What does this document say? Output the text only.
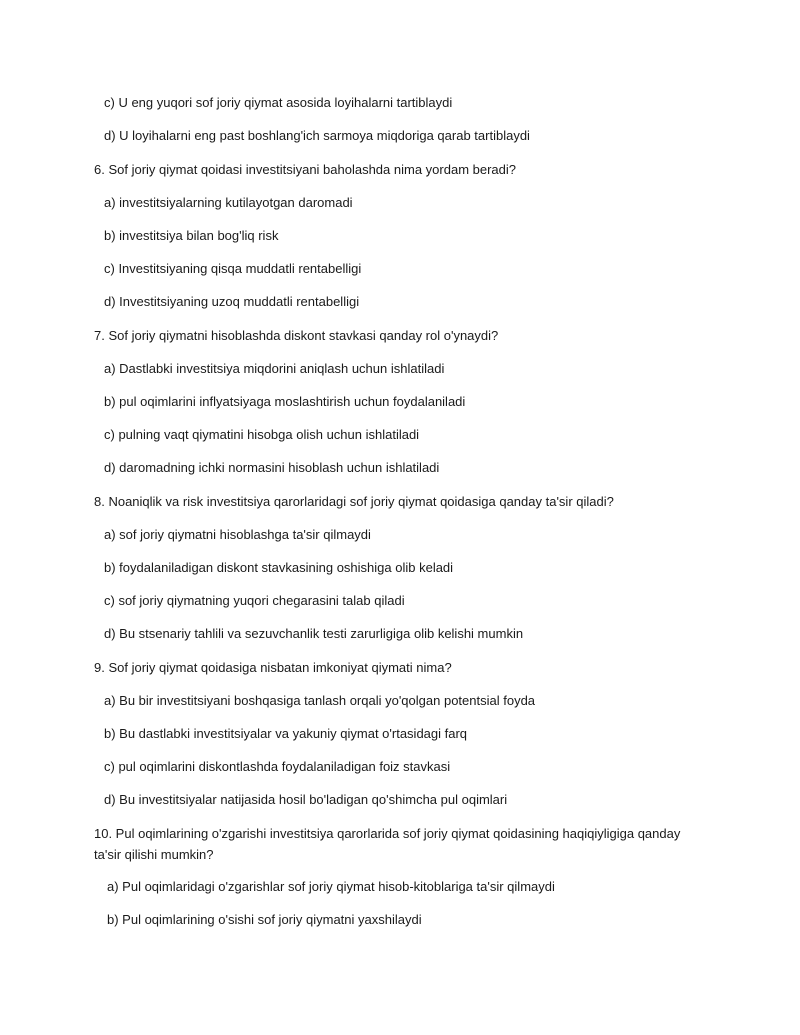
c) U eng yuqori sof joriy qiymat asosida loyihalarni tartiblaydi
d) U loyihalarni eng past boshlang'ich sarmoya miqdoriga qarab tartiblaydi
6. Sof joriy qiymat qoidasi investitsiyani baholashda nima yordam beradi?
a) investitsiyalarning kutilayotgan daromadi
b) investitsiya bilan bog'liq risk
c) Investitsiyaning qisqa muddatli rentabelligi
d) Investitsiyaning uzoq muddatli rentabelligi
7. Sof joriy qiymatni hisoblashda diskont stavkasi qanday rol o'ynaydi?
a) Dastlabki investitsiya miqdorini aniqlash uchun ishlatiladi
b) pul oqimlarini inflyatsiyaga moslashtirish uchun foydalaniladi
c) pulning vaqt qiymatini hisobga olish uchun ishlatiladi
d) daromadning ichki normasini hisoblash uchun ishlatiladi
8. Noaniqlik va risk investitsiya qarorlaridagi sof joriy qiymat qoidasiga qanday ta'sir qiladi?
a) sof joriy qiymatni hisoblashga ta'sir qilmaydi
b) foydalaniladigan diskont stavkasining oshishiga olib keladi
c) sof joriy qiymatning yuqori chegarasini talab qiladi
d) Bu stsenariy tahlili va sezuvchanlik testi zarurligiga olib kelishi mumkin
9. Sof joriy qiymat qoidasiga nisbatan imkoniyat qiymati nima?
a) Bu bir investitsiyani boshqasiga tanlash orqali yo'qolgan potentsial foyda
b) Bu dastlabki investitsiyalar va yakuniy qiymat o'rtasidagi farq
c) pul oqimlarini diskontlashda foydalaniladigan foiz stavkasi
d) Bu investitsiyalar natijasida hosil bo'ladigan qo'shimcha pul oqimlari
10. Pul oqimlarining o'zgarishi investitsiya qarorlarida sof joriy qiymat qoidasining haqiqiyligiga qanday
ta'sir qilishi mumkin?
a) Pul oqimlaridagi o'zgarishlar sof joriy qiymat hisob-kitoblariga ta'sir qilmaydi
b) Pul oqimlarining o'sishi sof joriy qiymatni yaxshilaydi
